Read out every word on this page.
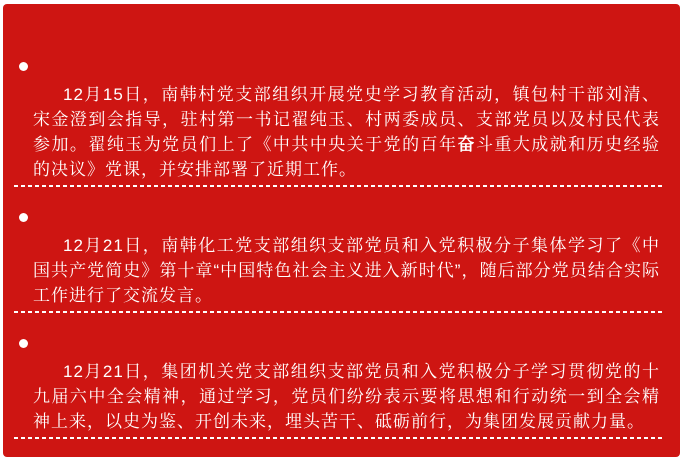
12月15日，南韩村党支部组织开展党史学习教育活动，镇包村干部刘清、宋金澄到会指导，驻村第一书记翟纯玉、村两委成员、支部党员以及村民代表参加。翟纯玉为党员们上了《中共中央关于党的百年奋斗重大成就和历史经验的决议》党课，并安排部署了近期工作。

12月21日，南韩化工党支部组织支部党员和入党积极分子集体学习了《中国共产党简史》第十章“中国特色社会主义进入新时代”，随后部分党员结合实际工作进行了交流发言。

12月21日，集团机关党支部组织支部党员和入党积极分子学习贯彻党的十九届六中全会精神，通过学习，党员们纷纷表示要将思想和行动统一到全会精神上来，以史为鉴、开创未来，埋头苦干、砥砺前行，为集团发展贡献力量。
